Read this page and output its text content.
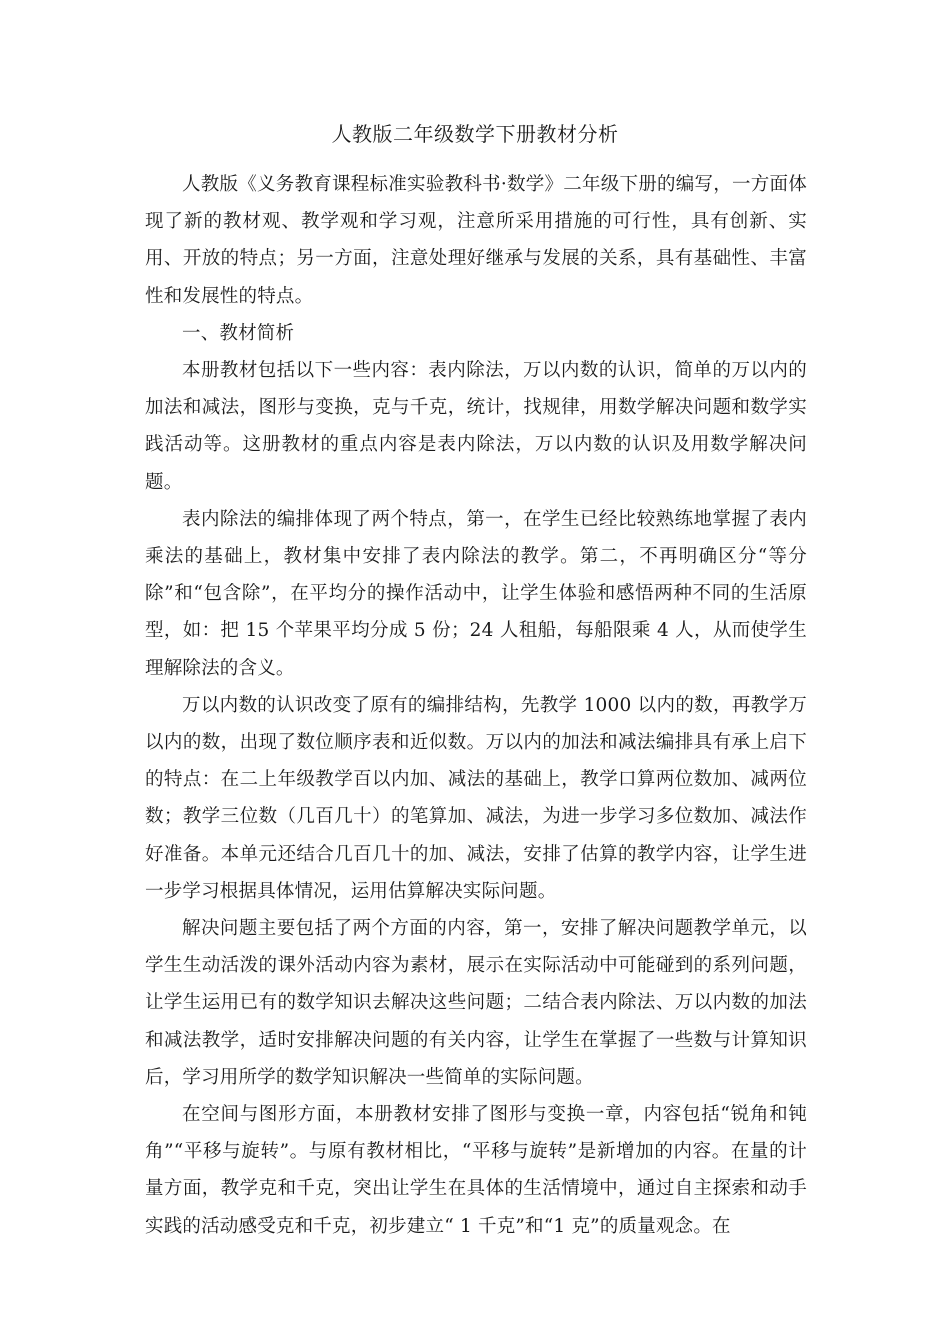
人教版二年级数学下册教材分析

人教版《义务教育课程标准实验教科书·数学》二年级下册的编写，一方面体现了新的教材观、教学观和学习观，注意所采用措施的可行性，具有创新、实用、开放的特点；另一方面，注意处理好继承与发展的关系，具有基础性、丰富性和发展性的特点。

一、教材简析

本册教材包括以下一些内容：表内除法，万以内数的认识，简单的万以内的加法和减法，图形与变换，克与千克，统计，找规律，用数学解决问题和数学实践活动等。这册教材的重点内容是表内除法，万以内数的认识及用数学解决问题。

表内除法的编排体现了两个特点，第一，在学生已经比较熟练地掌握了表内乘法的基础上，教材集中安排了表内除法的教学。第二，不再明确区分“等分除”和“包含除”，在平均分的操作活动中，让学生体验和感悟两种不同的生活原型，如：把 15 个苹果平均分成 5 份；24 人租船，每船限乘 4 人，从而使学生理解除法的含义。

万以内数的认识改变了原有的编排结构，先教学 1000 以内的数，再教学万以内的数，出现了数位顺序表和近似数。万以内的加法和减法编排具有承上启下的特点：在二上年级教学百以内加、减法的基础上，教学口算两位数加、减两位数；教学三位数（几百几十）的笔算加、减法，为进一步学习多位数加、减法作好准备。本单元还结合几百几十的加、减法，安排了估算的教学内容，让学生进一步学习根据具体情况，运用估算解决实际问题。

解决问题主要包括了两个方面的内容，第一，安排了解决问题教学单元，以学生生动活泼的课外活动内容为素材，展示在实际活动中可能碰到的系列问题，让学生运用已有的数学知识去解决这些问题；二结合表内除法、万以内数的加法和减法教学，适时安排解决问题的有关内容，让学生在掌握了一些数与计算知识后，学习用所学的数学知识解决一些简单的实际问题。

在空间与图形方面，本册教材安排了图形与变换一章，内容包括“锐角和钝角”“平移与旋转”。与原有教材相比，“平移与旋转”是新增加的内容。在量的计量方面，教学克和千克，突出让学生在具体的生活情境中，通过自主探索和动手实践的活动感受克和千克，初步建立“ 1 千克”和“1 克”的质量观念。在
